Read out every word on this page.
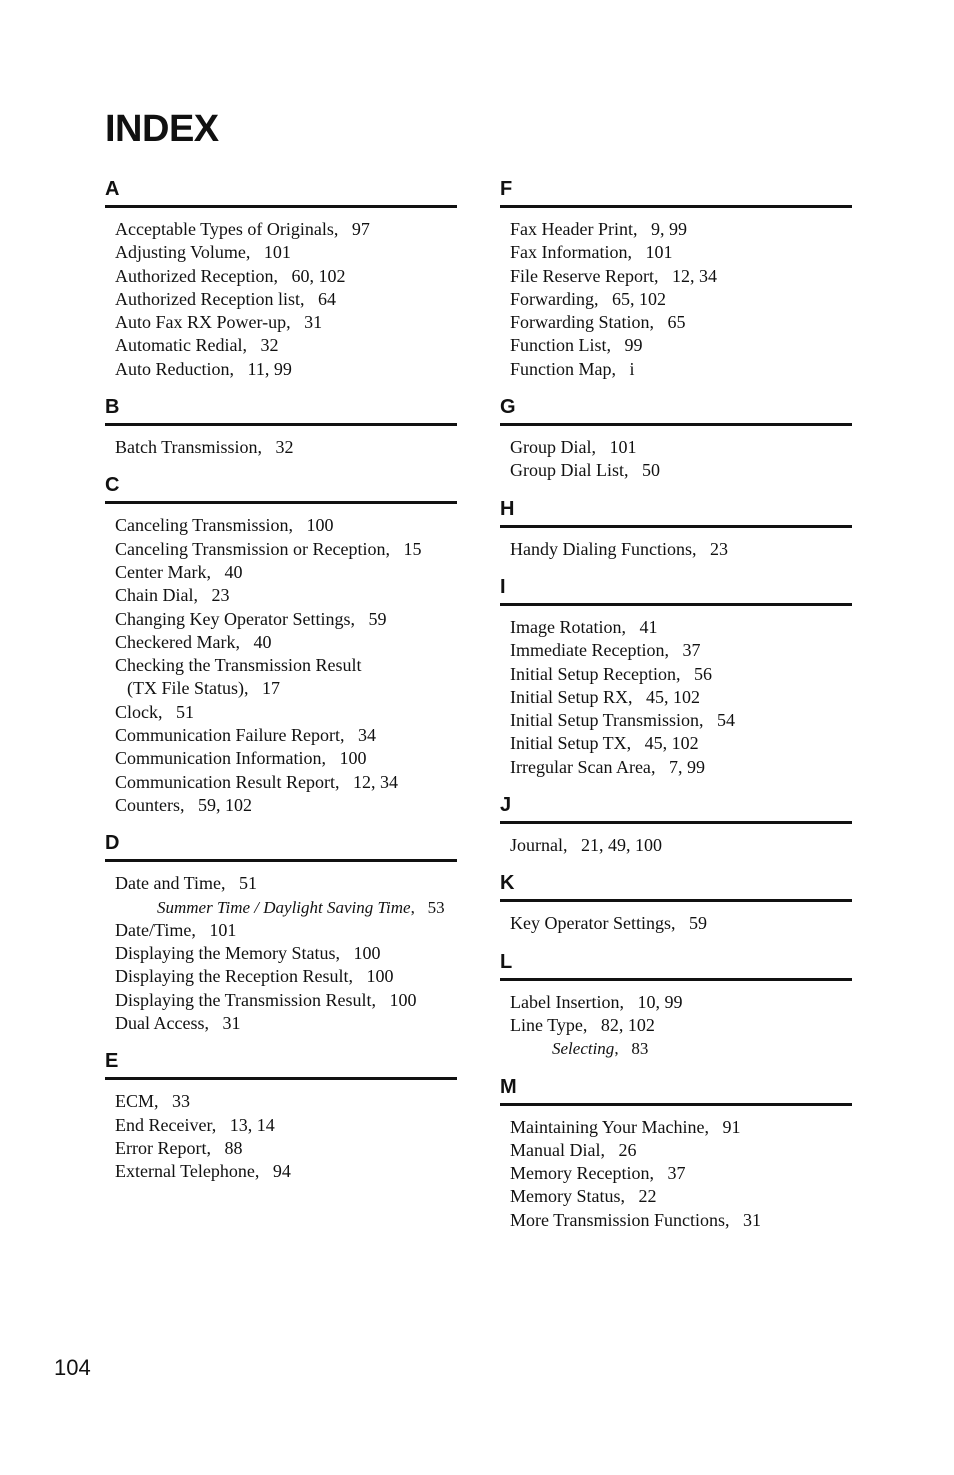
INDEX
A
Acceptable Types of Originals ,   97
Adjusting Volume ,   101
Authorized Reception ,   60, 102
Authorized Reception list ,   64
Auto Fax RX Power-up ,   31
Automatic Redial ,   32
Auto Reduction ,   11, 99
B
Batch Transmission ,   32
C
Canceling Transmission ,   100
Canceling Transmission or Reception ,   15
Center Mark ,   40
Chain Dial ,   23
Changing Key Operator Settings ,   59
Checkered Mark ,   40
Checking the Transmission Result
(TX File Status) ,   17
Clock ,   51
Communication Failure Report ,   34
Communication Information ,   100
Communication Result Report ,   12, 34
Counters ,   59, 102
D
Date and Time ,   51
Summer Time / Daylight Saving Time ,   53
Date/Time ,   101
Displaying the Memory Status ,   100
Displaying the Reception Result ,   100
Displaying the Transmission Result ,   100
Dual Access ,   31
E
ECM ,   33
End Receiver ,   13, 14
Error Report ,   88
External Telephone ,   94
F
Fax Header Print ,   9, 99
Fax Information ,   101
File Reserve Report ,   12, 34
Forwarding ,   65, 102
Forwarding Station ,   65
Function List ,   99
Function Map ,   i
G
Group Dial ,   101
Group Dial List ,   50
H
Handy Dialing Functions ,   23
I
Image Rotation ,   41
Immediate Reception ,   37
Initial Setup Reception ,   56
Initial Setup RX ,   45, 102
Initial Setup Transmission ,   54
Initial Setup TX ,   45, 102
Irregular Scan Area ,   7, 99
J
Journal ,   21, 49, 100
K
Key Operator Settings ,   59
L
Label Insertion ,   10, 99
Line Type ,   82, 102
Selecting ,   83
M
Maintaining Your Machine ,   91
Manual Dial ,   26
Memory Reception ,   37
Memory Status ,   22
More Transmission Functions ,   31
104
